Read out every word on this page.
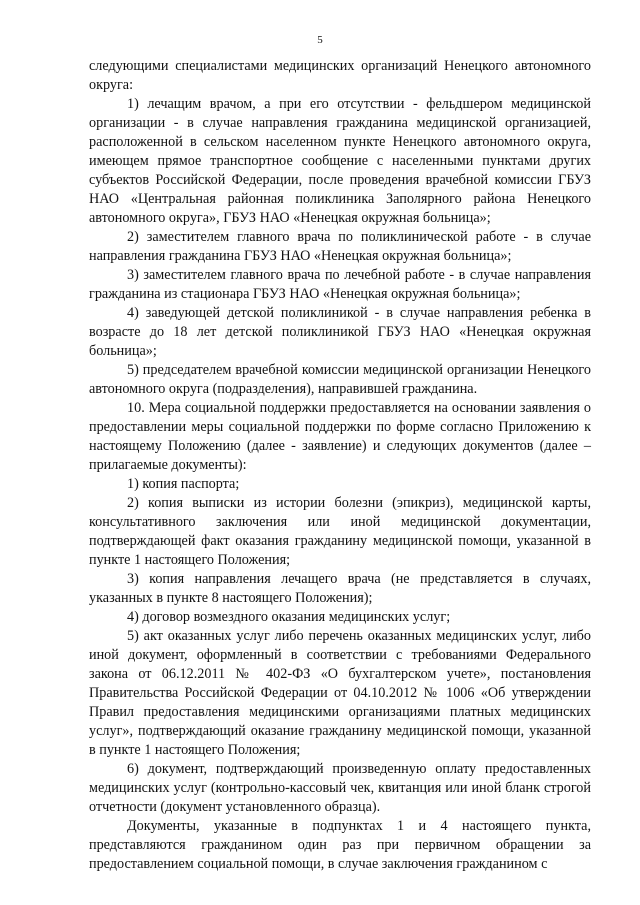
5

следующими специалистами медицинских организаций Ненецкого автономного округа:

1) лечащим врачом, а при его отсутствии - фельдшером медицинской организации - в случае направления гражданина медицинской организацией, расположенной в сельском населенном пункте Ненецкого автономного округа, имеющем прямое транспортное сообщение с населенными пунктами других субъектов Российской Федерации, после проведения врачебной комиссии ГБУЗ НАО «Центральная районная поликлиника Заполярного района Ненецкого автономного округа», ГБУЗ НАО «Ненецкая окружная больница»;

2) заместителем главного врача по поликлинической работе - в случае направления гражданина ГБУЗ НАО «Ненецкая окружная больница»;

3) заместителем главного врача по лечебной работе - в случае направления гражданина из стационара ГБУЗ НАО «Ненецкая окружная больница»;

4) заведующей детской поликлиникой - в случае направления ребенка в возрасте до 18 лет детской поликлиникой ГБУЗ НАО «Ненецкая окружная больница»;

5) председателем врачебной комиссии медицинской организации Ненецкого автономного округа (подразделения), направившей гражданина.

10. Мера социальной поддержки предоставляется на основании заявления о предоставлении меры социальной поддержки по форме согласно Приложению к настоящему Положению (далее - заявление) и следующих документов (далее – прилагаемые документы):

1) копия паспорта;

2) копия выписки из истории болезни (эпикриз), медицинской карты, консультативного заключения или иной медицинской документации, подтверждающей факт оказания гражданину медицинской помощи, указанной в пункте 1 настоящего Положения;

3) копия направления лечащего врача (не представляется в случаях, указанных в пункте 8 настоящего Положения);

4) договор возмездного оказания медицинских услуг;

5) акт оказанных услуг либо перечень оказанных медицинских услуг, либо иной документ, оформленный в соответствии с требованиями Федерального закона от 06.12.2011 № 402-ФЗ «О бухгалтерском учете», постановления Правительства Российской Федерации от 04.10.2012 № 1006 «Об утверждении Правил предоставления медицинскими организациями платных медицинских услуг», подтверждающий оказание гражданину медицинской помощи, указанной в пункте 1 настоящего Положения;

6) документ, подтверждающий произведенную оплату предоставленных медицинских услуг (контрольно-кассовый чек, квитанция или иной бланк строгой отчетности (документ установленного образца).

Документы, указанные в подпунктах 1 и 4 настоящего пункта, представляются гражданином один раз при первичном обращении за предоставлением социальной помощи, в случае заключения гражданином с
